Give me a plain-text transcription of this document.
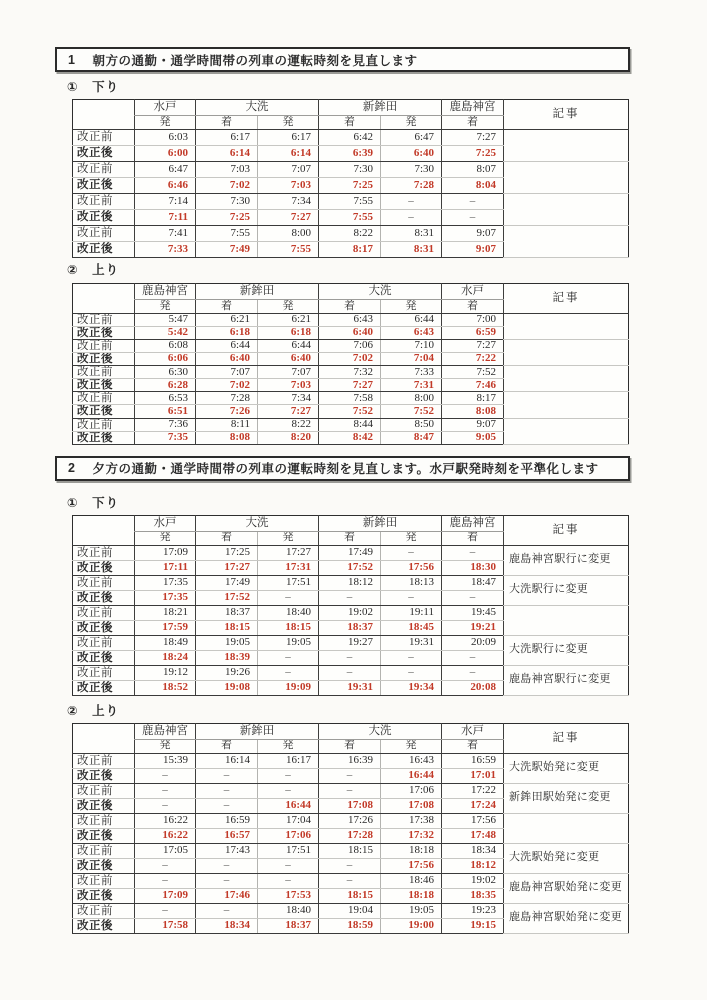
1 朝方の通勤・通学時間帯の列車の運転時刻を見直します
①　下り
	水戸	大洗		新鉾田		鹿島神宮	記事
	発	着	発	着	発	着	
改正前	6:03	6:17	6:17	6:42	6:47	7:27	
改正後	6:00	6:14	6:14	6:39	6:40	7:25	
改正前	6:47	7:03	7:07	7:30	7:30	8:07	
改正後	6:46	7:02	7:03	7:25	7:28	8:04	
改正前	7:14	7:30	7:34	7:55	–	–	
改正後	7:11	7:25	7:27	7:55	–	–	
改正前	7:41	7:55	8:00	8:22	8:31	9:07	
改正後	7:33	7:49	7:55	8:17	8:31	9:07	
②　上り
	鹿島神宮	新鉾田		大洗		水戸	記事
	発	着	発	着	発	着	
改正前	5:47	6:21	6:21	6:43	6:44	7:00	
改正後	5:42	6:18	6:18	6:40	6:43	6:59	
改正前	6:08	6:44	6:44	7:06	7:10	7:27	
改正後	6:06	6:40	6:40	7:02	7:04	7:22	
改正前	6:30	7:07	7:07	7:32	7:33	7:52	
改正後	6:28	7:02	7:03	7:27	7:31	7:46	
改正前	6:53	7:28	7:34	7:58	8:00	8:17	
改正後	6:51	7:26	7:27	7:52	7:52	8:08	
改正前	7:36	8:11	8:22	8:44	8:50	9:07	
改正後	7:35	8:08	8:20	8:42	8:47	9:05	
2 夕方の通勤・通学時間帯の列車の運転時刻を見直します。水戸駅発時刻を平準化します
①　下り
	水戸	大洗		新鉾田		鹿島神宮	記事
	発	着	発	着	発	着	
改正前	17:09	17:25	17:27	17:49	–	–	鹿島神宮駅行に変更
改正後	17:11	17:27	17:31	17:52	17:56	18:30	
改正前	17:35	17:49	17:51	18:12	18:13	18:47	大洗駅行に変更
改正後	17:35	17:52	–	–	–	–	
改正前	18:21	18:37	18:40	19:02	19:11	19:45	
改正後	17:59	18:15	18:15	18:37	18:45	19:21	
改正前	18:49	19:05	19:05	19:27	19:31	20:09	大洗駅行に変更
改正後	18:24	18:39	–	–	–	–	
改正前	19:12	19:26	–	–	–	–	鹿島神宮駅行に変更
改正後	18:52	19:08	19:09	19:31	19:34	20:08	
②　上り
	鹿島神宮	新鉾田		大洗		水戸	記事
	発	着	発	着	発	着	
改正前	15:39	16:14	16:17	16:39	16:43	16:59	大洗駅始発に変更
改正後	–	–	–	–	16:44	17:01	
改正前	–	–	–	–	17:06	17:22	新鉾田駅始発に変更
改正後	–	–	16:44	17:08	17:08	17:24	
改正前	16:22	16:59	17:04	17:26	17:38	17:56	
改正後	16:22	16:57	17:06	17:28	17:32	17:48	
改正前	17:05	17:43	17:51	18:15	18:18	18:34	大洗駅始発に変更
改正後	–	–	–	–	17:56	18:12	
改正前	–	–	–	–	18:46	19:02	鹿島神宮駅始発に変更
改正後	17:09	17:46	17:53	18:15	18:18	18:35	
改正前	–	–	18:40	19:04	19:05	19:23	鹿島神宮駅始発に変更
改正後	17:58	18:34	18:37	18:59	19:00	19:15	
